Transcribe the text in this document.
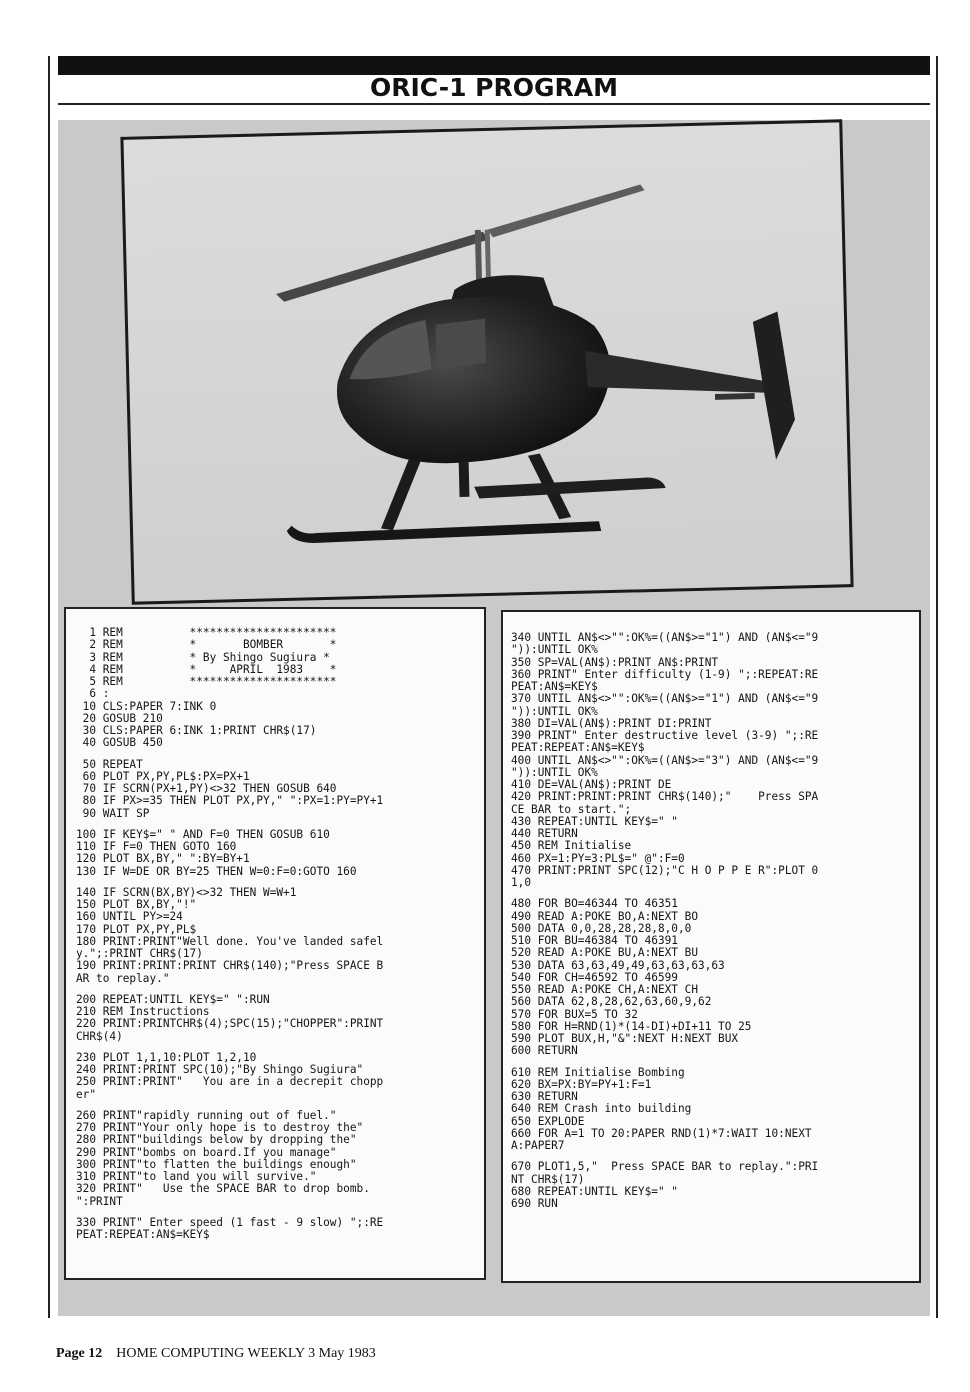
ORIC-1 PROGRAM
1 REM          **********************
2 REM          *       BOMBER       *
3 REM          * By Shingo Sugiura *
4 REM          *     APRIL  1983    *
5 REM          **********************
6 :
10 CLS:PAPER 7:INK 0
20 GOSUB 210
30 CLS:PAPER 6:INK 1:PRINT CHR$(17)
40 GOSUB 450
50 REPEAT
60 PLOT PX,PY,PL$:PX=PX+1
70 IF SCRN(PX+1,PY)<>32 THEN GOSUB 640
80 IF PX>=35 THEN PLOT PX,PY," ":PX=1:PY=PY+1
90 WAIT SP
100 IF KEY$=" " AND F=0 THEN GOSUB 610
110 IF F=0 THEN GOTO 160
120 PLOT BX,BY," ":BY=BY+1
130 IF W=DE OR BY=25 THEN W=0:F=0:GOTO 160
140 IF SCRN(BX,BY)<>32 THEN W=W+1
150 PLOT BX,BY,"!"
160 UNTIL PY>=24
170 PLOT PX,PY,PL$
180 PRINT:PRINT"Well done. You've landed safel
y.";:PRINT CHR$(17)
190 PRINT:PRINT:PRINT CHR$(140);"Press SPACE B
AR to replay."
200 REPEAT:UNTIL KEY$=" ":RUN
210 REM Instructions
220 PRINT:PRINTCHR$(4);SPC(15);"CHOPPER":PRINT
CHR$(4)
230 PLOT 1,1,10:PLOT 1,2,10
240 PRINT:PRINT SPC(10);"By Shingo Sugiura"
250 PRINT:PRINT"   You are in a decrepit chopp
er"
260 PRINT"rapidly running out of fuel."
270 PRINT"Your only hope is to destroy the"
280 PRINT"buildings below by dropping the"
290 PRINT"bombs on board.If you manage"
300 PRINT"to flatten the buildings enough"
310 PRINT"to land you will survive."
320 PRINT"   Use the SPACE BAR to drop bomb.
":PRINT
330 PRINT" Enter speed (1 fast - 9 slow) ";:RE
PEAT:REPEAT:AN$=KEY$
340 UNTIL AN$<>"":OK%=((AN$>="1") AND (AN$<="9
")):UNTIL OK%
350 SP=VAL(AN$):PRINT AN$:PRINT
360 PRINT" Enter difficulty (1-9) ";:REPEAT:RE
PEAT:AN$=KEY$
370 UNTIL AN$<>"":OK%=((AN$>="1") AND (AN$<="9
")):UNTIL OK%
380 DI=VAL(AN$):PRINT DI:PRINT
390 PRINT" Enter destructive level (3-9) ";:RE
PEAT:REPEAT:AN$=KEY$
400 UNTIL AN$<>"":OK%=((AN$>="3") AND (AN$<="9
")):UNTIL OK%
410 DE=VAL(AN$):PRINT DE
420 PRINT:PRINT:PRINT CHR$(140);"    Press SPA
CE BAR to start.";
430 REPEAT:UNTIL KEY$=" "
440 RETURN
450 REM Initialise
460 PX=1:PY=3:PL$=" @":F=0
470 PRINT:PRINT SPC(12);"C H O P P E R":PLOT 0
1,0
480 FOR BO=46344 TO 46351
490 READ A:POKE BO,A:NEXT BO
500 DATA 0,0,28,28,28,8,0,0
510 FOR BU=46384 TO 46391
520 READ A:POKE BU,A:NEXT BU
530 DATA 63,63,49,49,63,63,63,63
540 FOR CH=46592 TO 46599
550 READ A:POKE CH,A:NEXT CH
560 DATA 62,8,28,62,63,60,9,62
570 FOR BUX=5 TO 32
580 FOR H=RND(1)*(14-DI)+DI+11 TO 25
590 PLOT BUX,H,"&":NEXT H:NEXT BUX
600 RETURN
610 REM Initialise Bombing
620 BX=PX:BY=PY+1:F=1
630 RETURN
640 REM Crash into building
650 EXPLODE
660 FOR A=1 TO 20:PAPER RND(1)*7:WAIT 10:NEXT
A:PAPER7
670 PLOT1,5,"  Press SPACE BAR to replay.":PRI
NT CHR$(17)
680 REPEAT:UNTIL KEY$=" "
690 RUN
Page 12 HOME COMPUTING WEEKLY 3 May 1983
